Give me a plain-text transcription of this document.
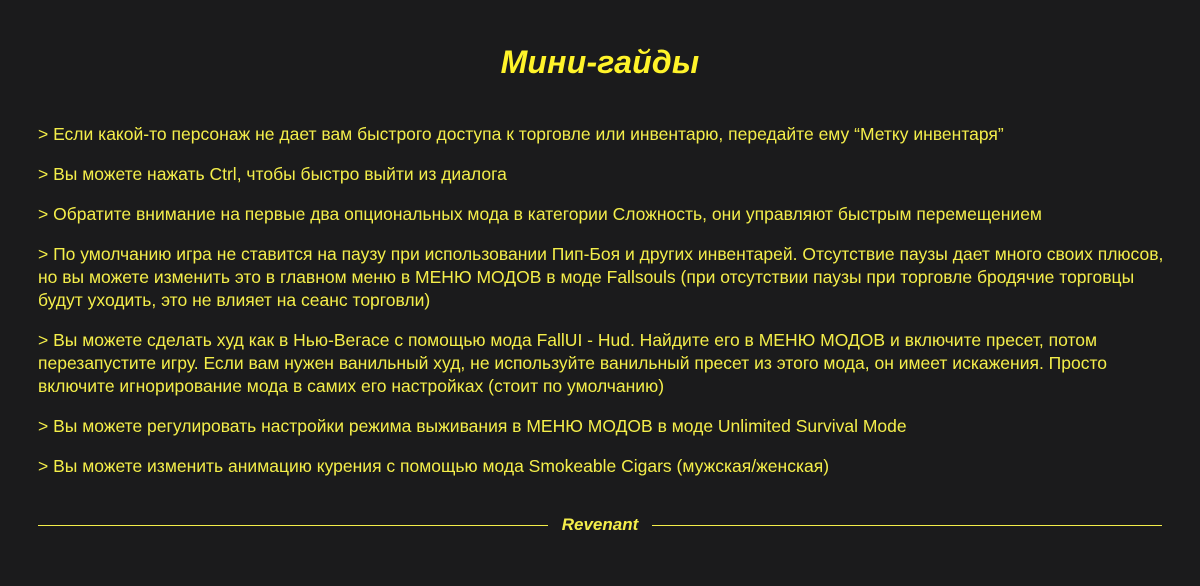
Мини-гайды
> Если какой-то персонаж не дает вам быстрого доступа к торговле или инвентарю, передайте ему “Метку инвентаря”
> Вы можете нажать Ctrl, чтобы быстро выйти из диалога
> Обратите внимание на первые два опциональных мода в категории Сложность, они управляют быстрым перемещением
> По умолчанию игра не ставится на паузу при использовании Пип-Боя и других инвентарей. Отсутствие паузы дает много своих плюсов, но вы можете изменить это в главном меню в МЕНЮ МОДОВ в моде Fallsouls (при отсутствии паузы при торговле бродячие торговцы будут уходить, это не влияет на сеанс торговли)
> Вы можете сделать худ как в Нью-Вегасе с помощью мода FallUI - Hud. Найдите его в МЕНЮ МОДОВ и включите пресет, потом перезапустите игру. Если вам нужен ванильный худ, не используйте ванильный пресет из этого мода, он имеет искажения. Просто включите игнорирование мода в самих его настройках (стоит по умолчанию)
> Вы можете регулировать настройки режима выживания в МЕНЮ МОДОВ в моде Unlimited Survival Mode
> Вы можете изменить анимацию курения с помощью мода Smokeable Cigars (мужская/женская)
Revenant
